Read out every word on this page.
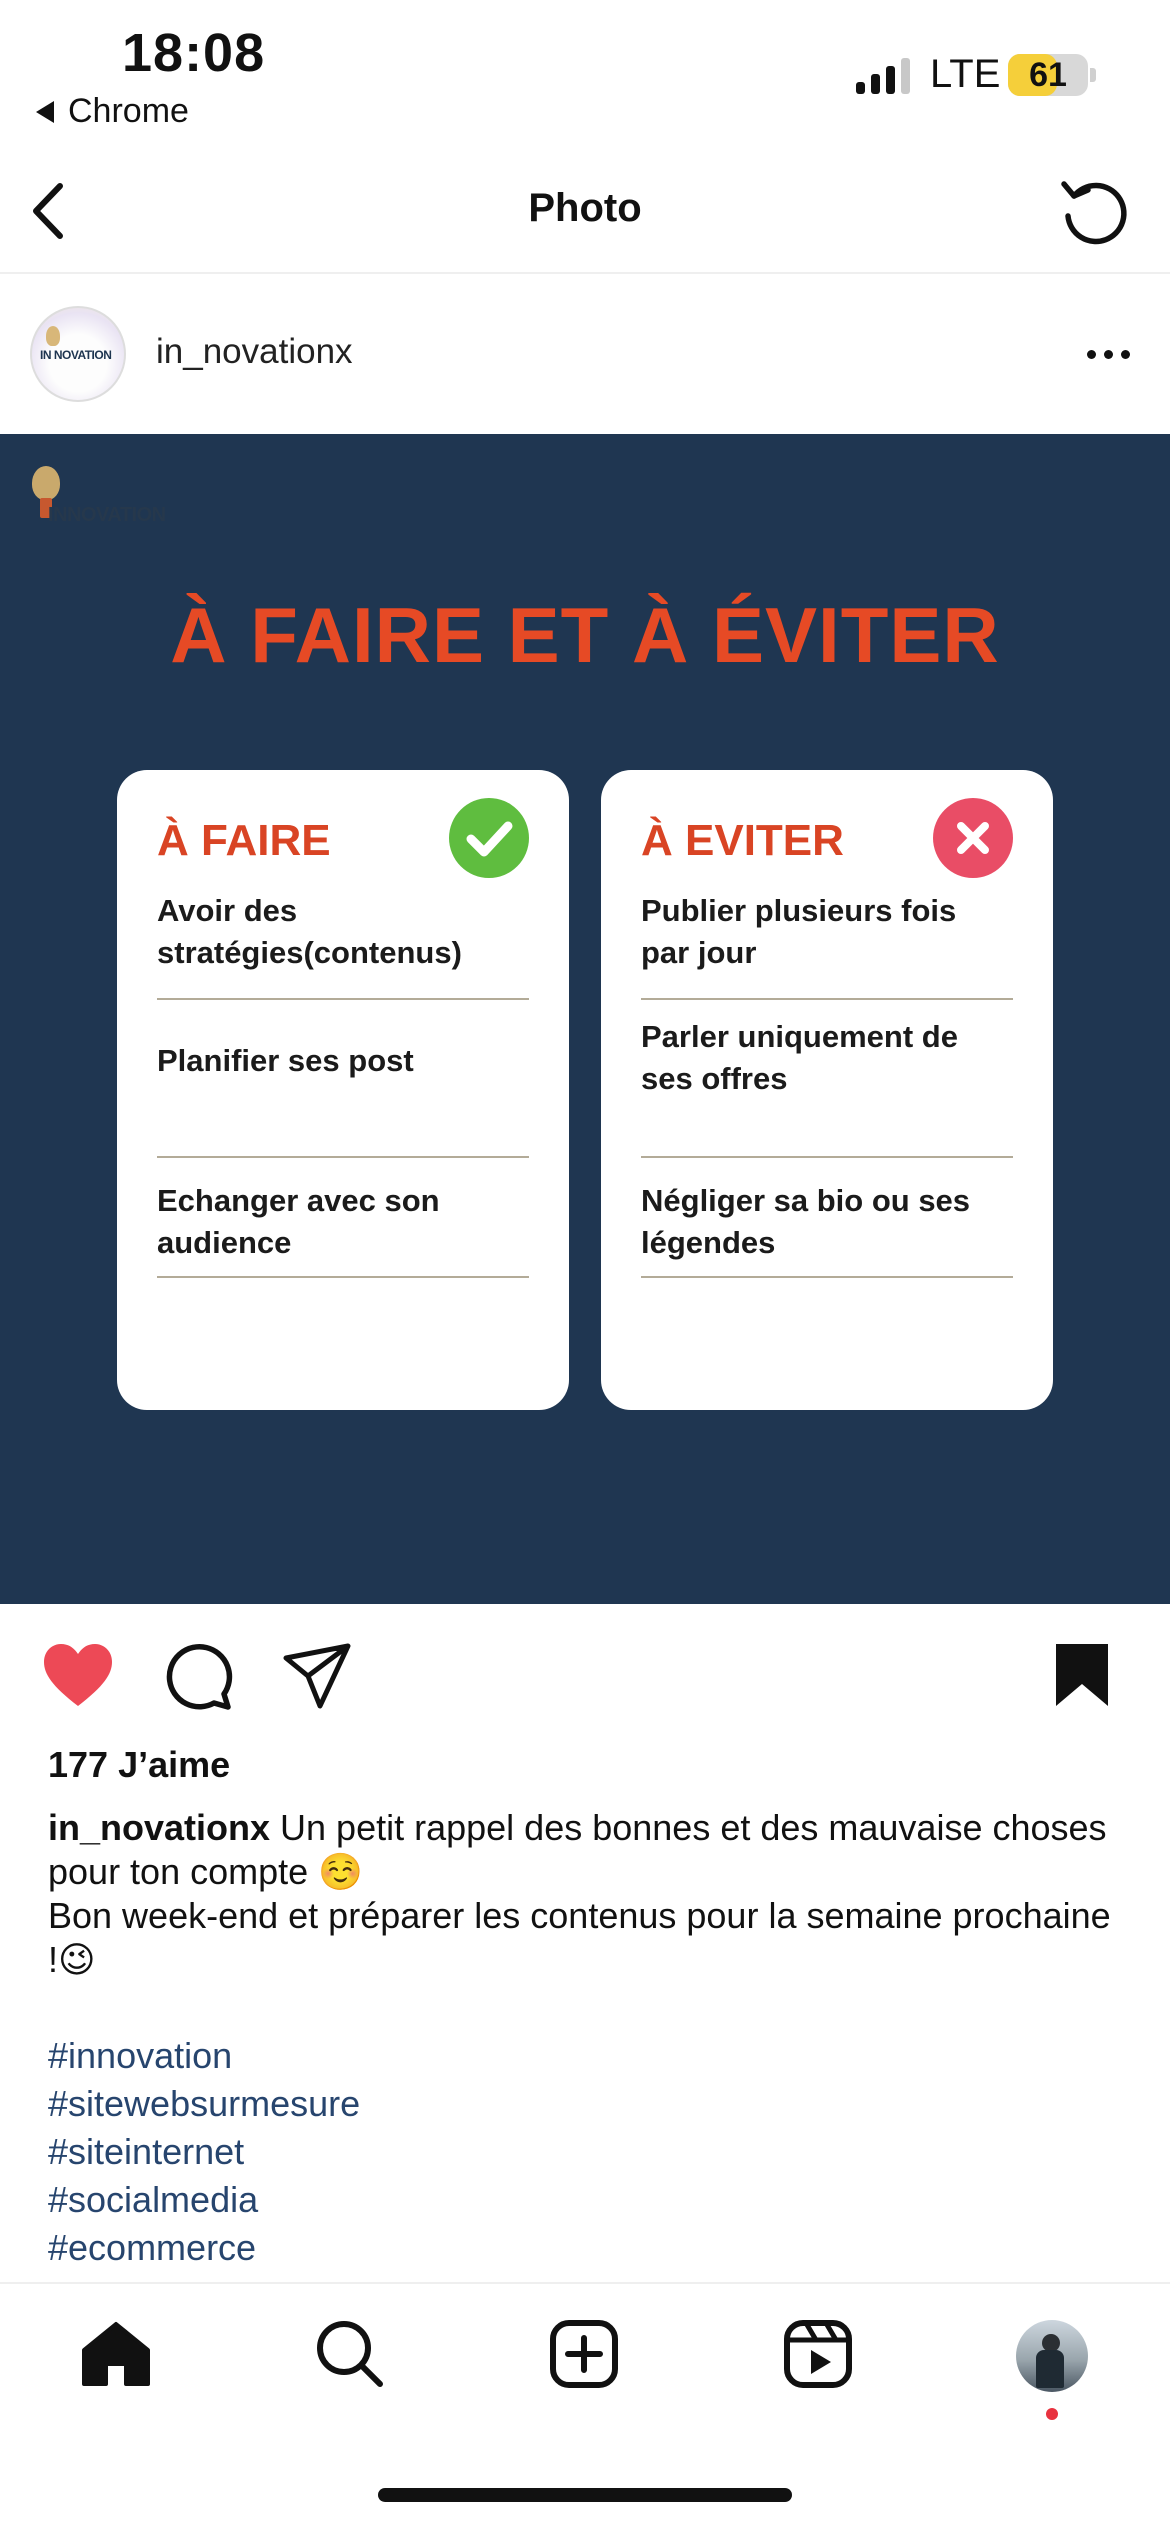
18:08
Chrome
LTE 61
Photo
IN NOVATION in_novationx
INNOVATION
À FAIRE ET À ÉVITER
À FAIRE
Avoir des stratégies(contenus)
Planifier ses post
Echanger avec son audience
À EVITER
Publier plusieurs fois par jour
Parler uniquement de ses offres
Négliger sa bio ou ses légendes
177 J’aime
in_novationx Un petit rappel des bonnes et des mauvaise choses pour ton compte ☺️
Bon week-end et préparer les contenus pour la semaine prochaine !😉
#innovation
#sitewebsurmesure
#siteinternet
#socialmedia
#ecommerce
